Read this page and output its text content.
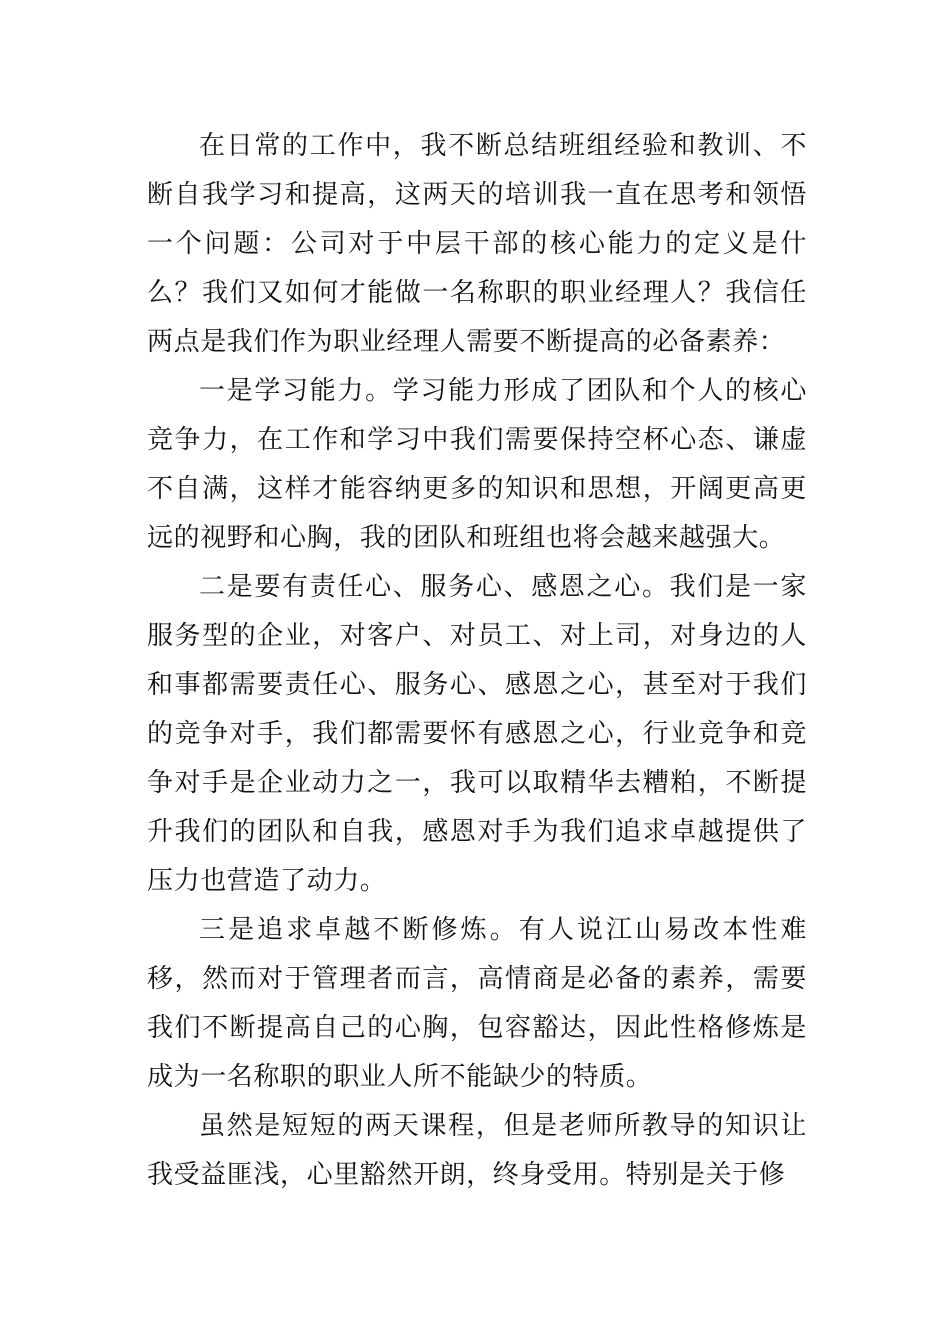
在日常的工作中，我不断总结班组经验和教训、不断自我学习和提高，这两天的培训我一直在思考和领悟一个问题：公司对于中层干部的核心能力的定义是什么？我们又如何才能做一名称职的职业经理人？我信任两点是我们作为职业经理人需要不断提高的必备素养：

一是学习能力。学习能力形成了团队和个人的核心竞争力，在工作和学习中我们需要保持空杯心态、谦虚不自满，这样才能容纳更多的知识和思想，开阔更高更远的视野和心胸，我的团队和班组也将会越来越强大。

二是要有责任心、服务心、感恩之心。我们是一家服务型的企业，对客户、对员工、对上司，对身边的人和事都需要责任心、服务心、感恩之心，甚至对于我们的竞争对手，我们都需要怀有感恩之心，行业竞争和竞争对手是企业动力之一，我可以取精华去糟粕，不断提升我们的团队和自我，感恩对手为我们追求卓越提供了压力也营造了动力。

三是追求卓越不断修炼。有人说江山易改本性难移，然而对于管理者而言，高情商是必备的素养，需要我们不断提高自己的心胸，包容豁达，因此性格修炼是成为一名称职的职业人所不能缺少的特质。

虽然是短短的两天课程，但是老师所教导的知识让我受益匪浅，心里豁然开朗，终身受用。特别是关于修
